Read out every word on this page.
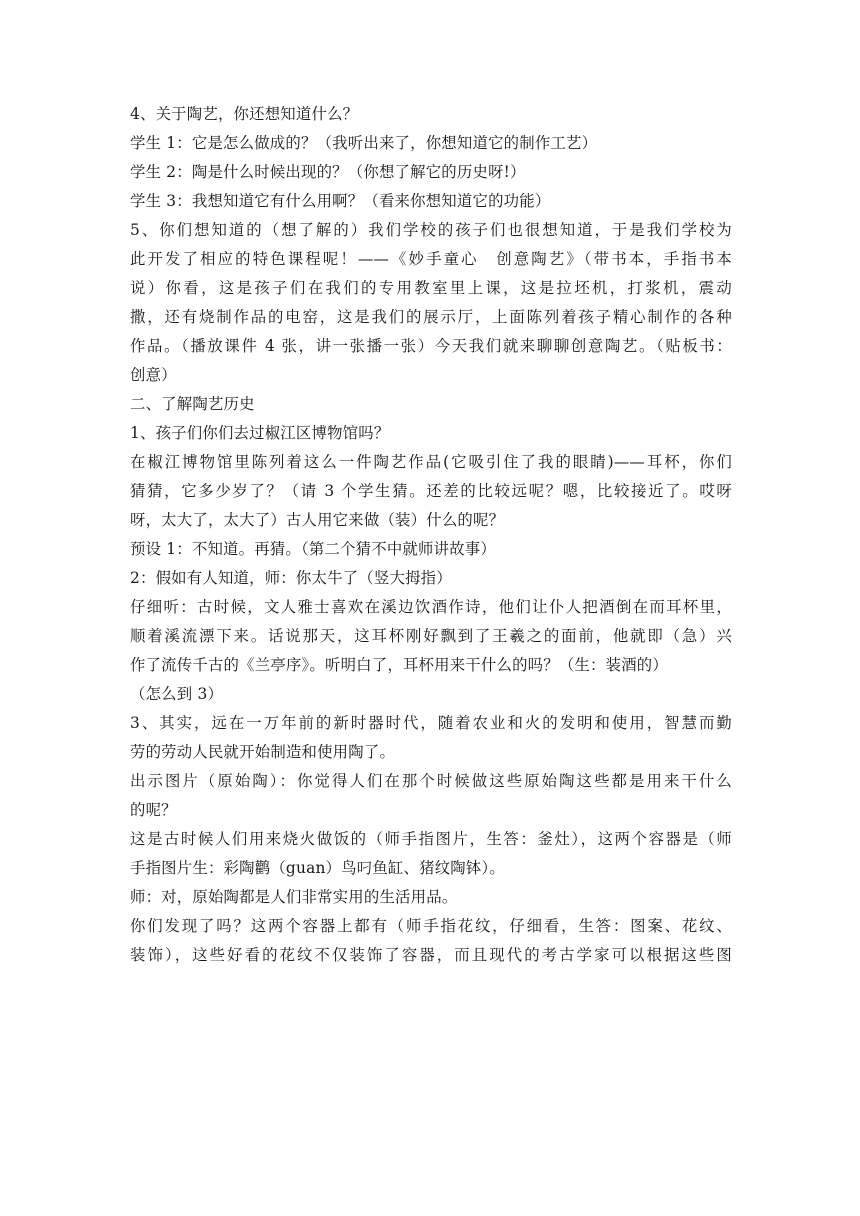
4、关于陶艺，你还想知道什么？

学生 1：它是怎么做成的？（我听出来了，你想知道它的制作工艺）

学生 2：陶是什么时候出现的？（你想了解它的历史呀!）

学生 3：我想知道它有什么用啊？（看来你想知道它的功能）

5、你们想知道的（想了解的）我们学校的孩子们也很想知道，于是我们学校为

此开发了相应的特色课程呢！——《妙手童心　创意陶艺》（带书本，手指书本

说）你看，这是孩子们在我们的专用教室里上课，这是拉坯机，打浆机，震动

撒，还有烧制作品的电窑，这是我们的展示厅，上面陈列着孩子精心制作的各种

作品。（播放课件 4 张，讲一张播一张）今天我们就来聊聊创意陶艺。（贴板书：

创意）

二、了解陶艺历史

1、孩子们你们去过椒江区博物馆吗？

在椒江博物馆里陈列着这么一件陶艺作品(它吸引住了我的眼睛)——耳杯，你们

猜猜，它多少岁了？（请 3 个学生猜。还差的比较远呢？嗯，比较接近了。哎呀

呀，太大了，太大了）古人用它来做（装）什么的呢？

预设 1：不知道。再猜。（第二个猜不中就师讲故事）

2：假如有人知道，师：你太牛了（竖大拇指）

仔细听：古时候，文人雅士喜欢在溪边饮酒作诗，他们让仆人把酒倒在而耳杯里，

顺着溪流漂下来。话说那天，这耳杯刚好飘到了王羲之的面前，他就即（急）兴

作了流传千古的《兰亭序》。听明白了，耳杯用来干什么的吗？（生：装酒的）

（怎么到 3）

3、其实，远在一万年前的新时器时代，随着农业和火的发明和使用，智慧而勤

劳的劳动人民就开始制造和使用陶了。

出示图片（原始陶）：你觉得人们在那个时候做这些原始陶这些都是用来干什么

的呢？

这是古时候人们用来烧火做饭的（师手指图片，生答：釜灶），这两个容器是（师

手指图片生：彩陶鹳（guan）鸟叼鱼缸、猪纹陶钵）。

师：对，原始陶都是人们非常实用的生活用品。

你们发现了吗？这两个容器上都有（师手指花纹，仔细看，生答：图案、花纹、

装饰），这些好看的花纹不仅装饰了容器，而且现代的考古学家可以根据这些图
